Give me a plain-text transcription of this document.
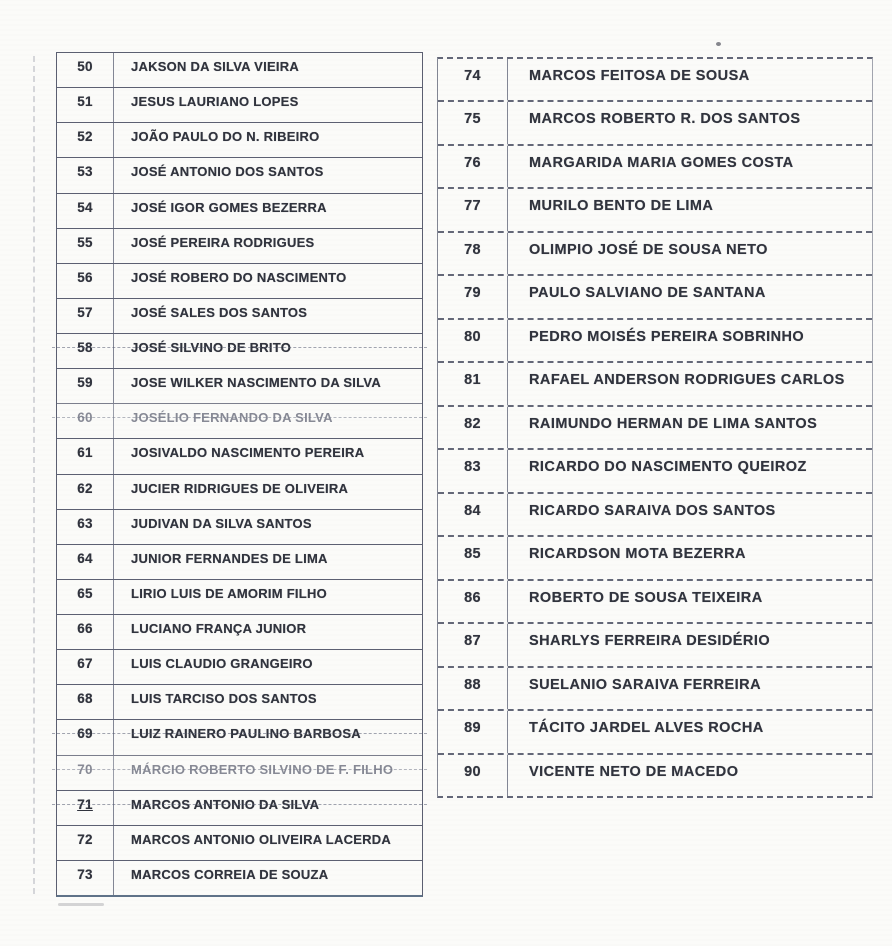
50	JAKSON DA SILVA VIEIRA
51	JESUS LAURIANO LOPES
52	JOÃO PAULO DO N. RIBEIRO
53	JOSÉ ANTONIO DOS SANTOS
54	JOSÉ IGOR GOMES BEZERRA
55	JOSÉ PEREIRA RODRIGUES
56	JOSÉ ROBERO DO NASCIMENTO
57	JOSÉ SALES DOS SANTOS
58	JOSÉ SILVINO DE BRITO
59	JOSE WILKER NASCIMENTO DA SILVA
60	JOSÉLIO FERNANDO DA SILVA
61	JOSIVALDO NASCIMENTO PEREIRA
62	JUCIER RIDRIGUES DE OLIVEIRA
63	JUDIVAN DA SILVA SANTOS
64	JUNIOR FERNANDES DE LIMA
65	LIRIO LUIS DE AMORIM FILHO
66	LUCIANO FRANÇA JUNIOR
67	LUIS CLAUDIO GRANGEIRO
68	LUIS TARCISO DOS SANTOS
69	LUIZ RAINERO PAULINO BARBOSA
70	MÁRCIO ROBERTO SILVINO DE F. FILHO
71	MARCOS ANTONIO DA SILVA
72	MARCOS ANTONIO OLIVEIRA LACERDA
73	MARCOS CORREIA DE SOUZA
74	MARCOS FEITOSA DE SOUSA
75	MARCOS ROBERTO R. DOS SANTOS
76	MARGARIDA MARIA GOMES COSTA
77	MURILO BENTO DE LIMA
78	OLIMPIO JOSÉ DE SOUSA NETO
79	PAULO SALVIANO DE SANTANA
80	PEDRO MOISÉS PEREIRA SOBRINHO
81	RAFAEL ANDERSON RODRIGUES CARLOS
82	RAIMUNDO HERMAN DE LIMA SANTOS
83	RICARDO DO NASCIMENTO QUEIROZ
84	RICARDO SARAIVA DOS SANTOS
85	RICARDSON MOTA BEZERRA
86	ROBERTO DE SOUSA TEIXEIRA
87	SHARLYS FERREIRA DESIDÉRIO
88	SUELANIO SARAIVA FERREIRA
89	TÁCITO JARDEL ALVES ROCHA
90	VICENTE NETO DE MACEDO
